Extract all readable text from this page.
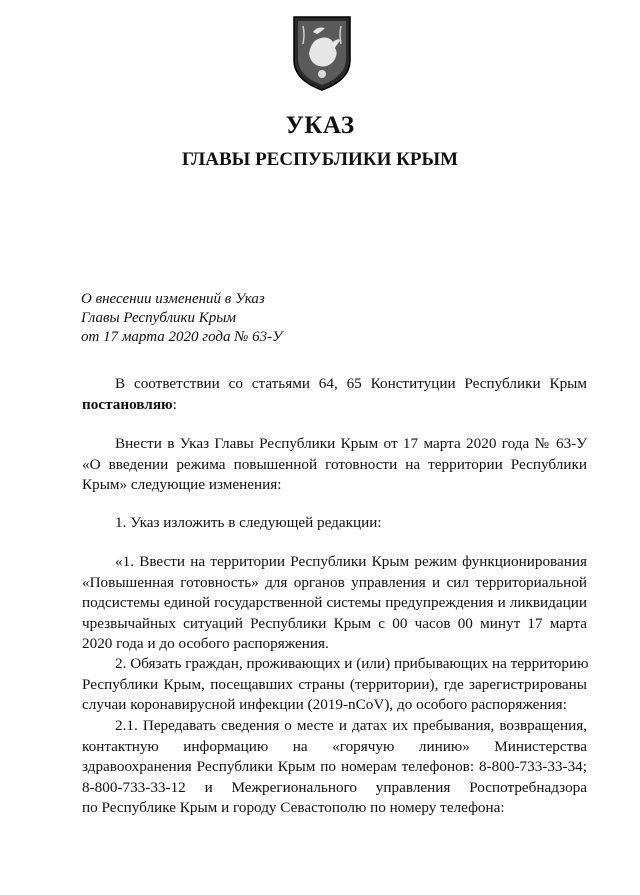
УКАЗ
ГЛАВЫ РЕСПУБЛИКИ КРЫМ
О внесении изменений в Указ
Главы Республики Крым
от 17 марта 2020 года № 63-У
В соответствии со статьями 64, 65 Конституции Республики Крым
постановляю:
Внести в Указ Главы Республики Крым от 17 марта 2020 года № 63-У
«О введении режима повышенной готовности на территории Республики
Крым» следующие изменения:
1. Указ изложить в следующей редакции:
«1. Ввести на территории Республики Крым режим функционирования
«Повышенная готовность» для органов управления и сил территориальной
подсистемы единой государственной системы предупреждения и ликвидации
чрезвычайных ситуаций Республики Крым с 00 часов 00 минут 17 марта
2020 года и до особого распоряжения.
2. Обязать граждан, проживающих и (или) прибывающих на территорию
Республики Крым, посещавших страны (территории), где зарегистрированы
случаи коронавирусной инфекции (2019-nCoV), до особого распоряжения:
2.1. Передавать сведения о месте и датах их пребывания, возвращения,
контактную информацию на «горячую линию» Министерства
здравоохранения Республики Крым по номерам телефонов: 8-800-733-33-34;
8-800-733-33-12 и Межрегионального управления Роспотребнадзора
по Республике Крым и городу Севастополю по номеру телефона:
